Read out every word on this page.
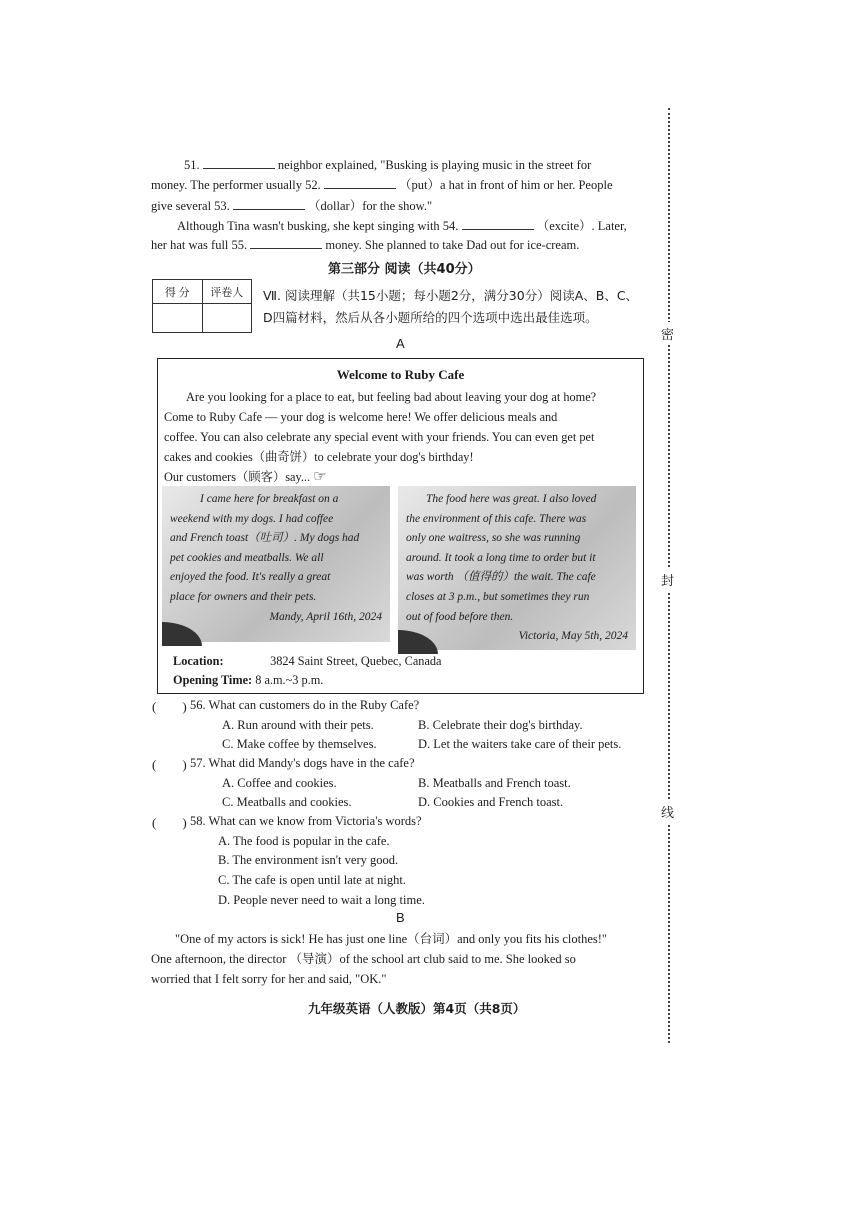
密
封
线
51.	neighbor explained, "Busking is playing music in the street for
money. The performer usually 52.	（put）a hat in front of him or her. People
give several 53.	（dollar）for the show."
Although Tina wasn't busking, she kept singing with 54.	（excite）. Later,
her hat was full 55.	money. She planned to take Dad out for ice-cream.
第三部分 阅读（共40分）
得 分	评卷人
	Ⅶ. 阅读理解（共15小题；每小题2分，满分30分）阅读A、B、C、
D四篇材料，然后从各小题所给的四个选项中选出最佳选项。
A
Welcome to Ruby Cafe
Are you looking for a place to eat, but feeling bad about leaving your dog at home?
Come to Ruby Cafe — your dog is welcome here! We offer delicious meals and
coffee. You can also celebrate any special event with your friends. You can even get pet
cakes and cookies（曲奇饼）to celebrate your dog's birthday!
Our customers（顾客）say... ☞
I came here for breakfast on a
weekend with my dogs. I had coffee
and French toast（吐司）. My dogs had
pet cookies and meatballs. We all
enjoyed the food. It's really a great
place for owners and their pets.
Mandy, April 16th, 2024
The food here was great. I also loved
the environment of this cafe. There was
only one waitress, so she was running
around. It took a long time to order but it
was worth （值得的）the wait. The cafe
closes at 3 p.m., but sometimes they run
out of food before then.
Victoria, May 5th, 2024
Location:	3824 Saint Street, Quebec, Canada
Opening Time: 8 a.m.~3 p.m.
(　　) 56. What can customers do in the Ruby Cafe?
A. Run around with their pets.	B. Celebrate their dog's birthday.
C. Make coffee by themselves.	D. Let the waiters take care of their pets.
(　　) 57. What did Mandy's dogs have in the cafe?
A. Coffee and cookies.	B. Meatballs and French toast.
C. Meatballs and cookies.	D. Cookies and French toast.
(　　) 58. What can we know from Victoria's words?
A. The food is popular in the cafe.
B. The environment isn't very good.
C. The cafe is open until late at night.
D. People never need to wait a long time.
B
"One of my actors is sick! He has just one line（台词）and only you fits his clothes!"
One afternoon, the director （导演）of the school art club said to me. She looked so
worried that I felt sorry for her and said, "OK."
九年级英语（人教版）第4页（共8页）
